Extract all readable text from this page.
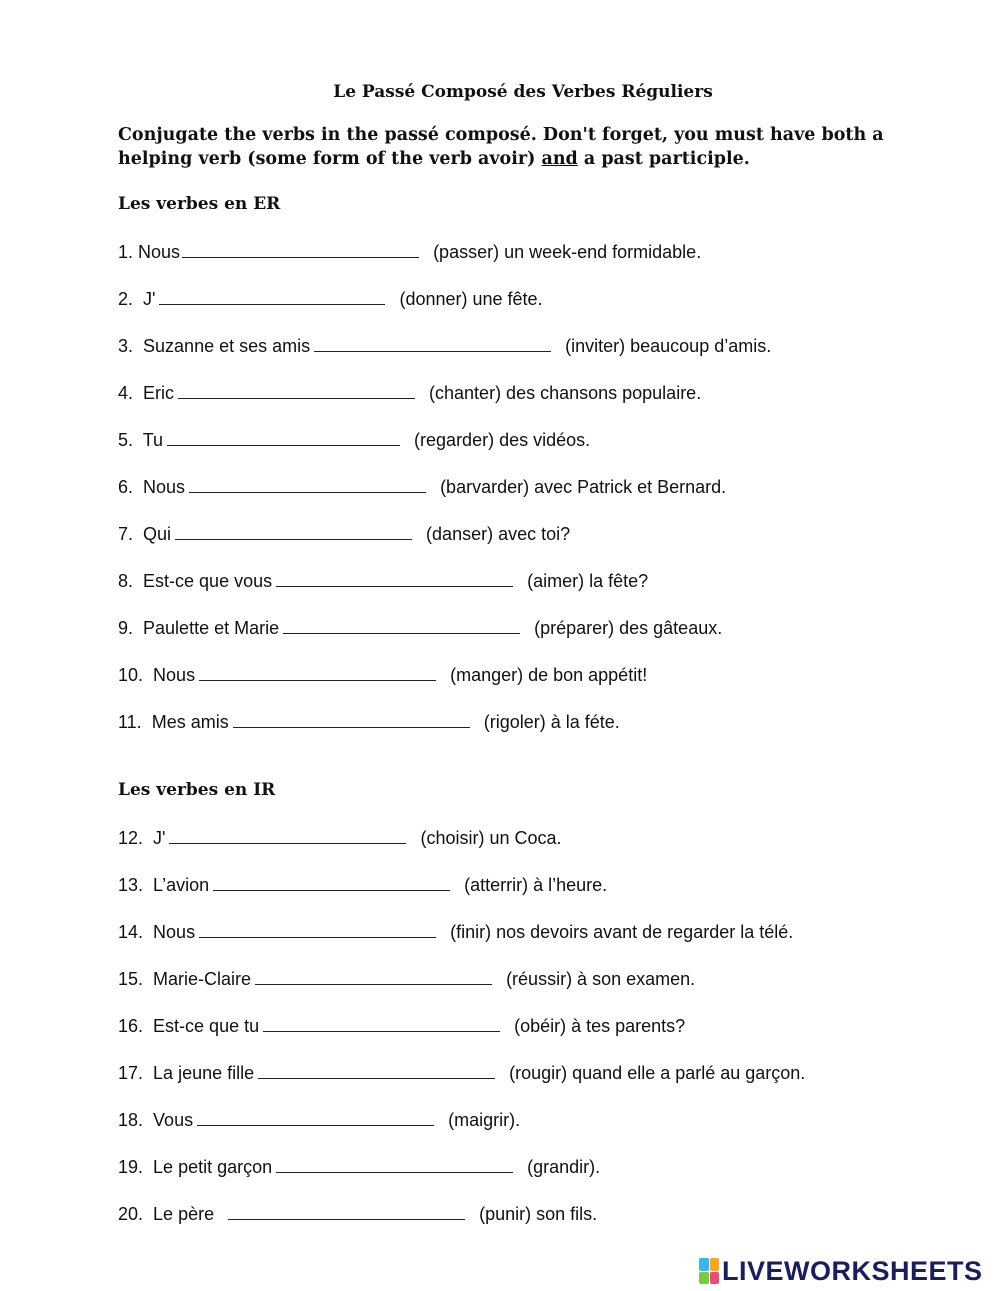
Le Passé Composé des Verbes Réguliers
Conjugate the verbs in the passé composé. Don't forget, you must have both a helping verb (some form of the verb avoir) and a past participle.
Les verbes en ER
1. Nous	(passer) un week-end formidable.
2. J'	(donner) une fête.
3. Suzanne et ses amis	(inviter) beaucoup d’amis.
4. Eric	(chanter) des chansons populaire.
5. Tu	(regarder) des vidéos.
6. Nous	(barvarder) avec Patrick et Bernard.
7. Qui	(danser) avec toi?
8. Est-ce que vous	(aimer) la fête?
9. Paulette et Marie	(préparer) des gâteaux.
10. Nous	(manger) de bon appétit!
11. Mes amis	(rigoler) à la féte.
Les verbes en IR
12. J'	(choisir) un Coca.
13. L’avion	(atterrir) à l’heure.
14. Nous	(finir) nos devoirs avant de regarder la télé.
15. Marie-Claire	(réussir) à son examen.
16. Est-ce que tu	(obéir) à tes parents?
17. La jeune fille	(rougir) quand elle a parlé au garçon.
18. Vous	(maigrir).
19. Le petit garçon	(grandir).
20. Le père	(punir) son fils.
LIVEWORKSHEETS
